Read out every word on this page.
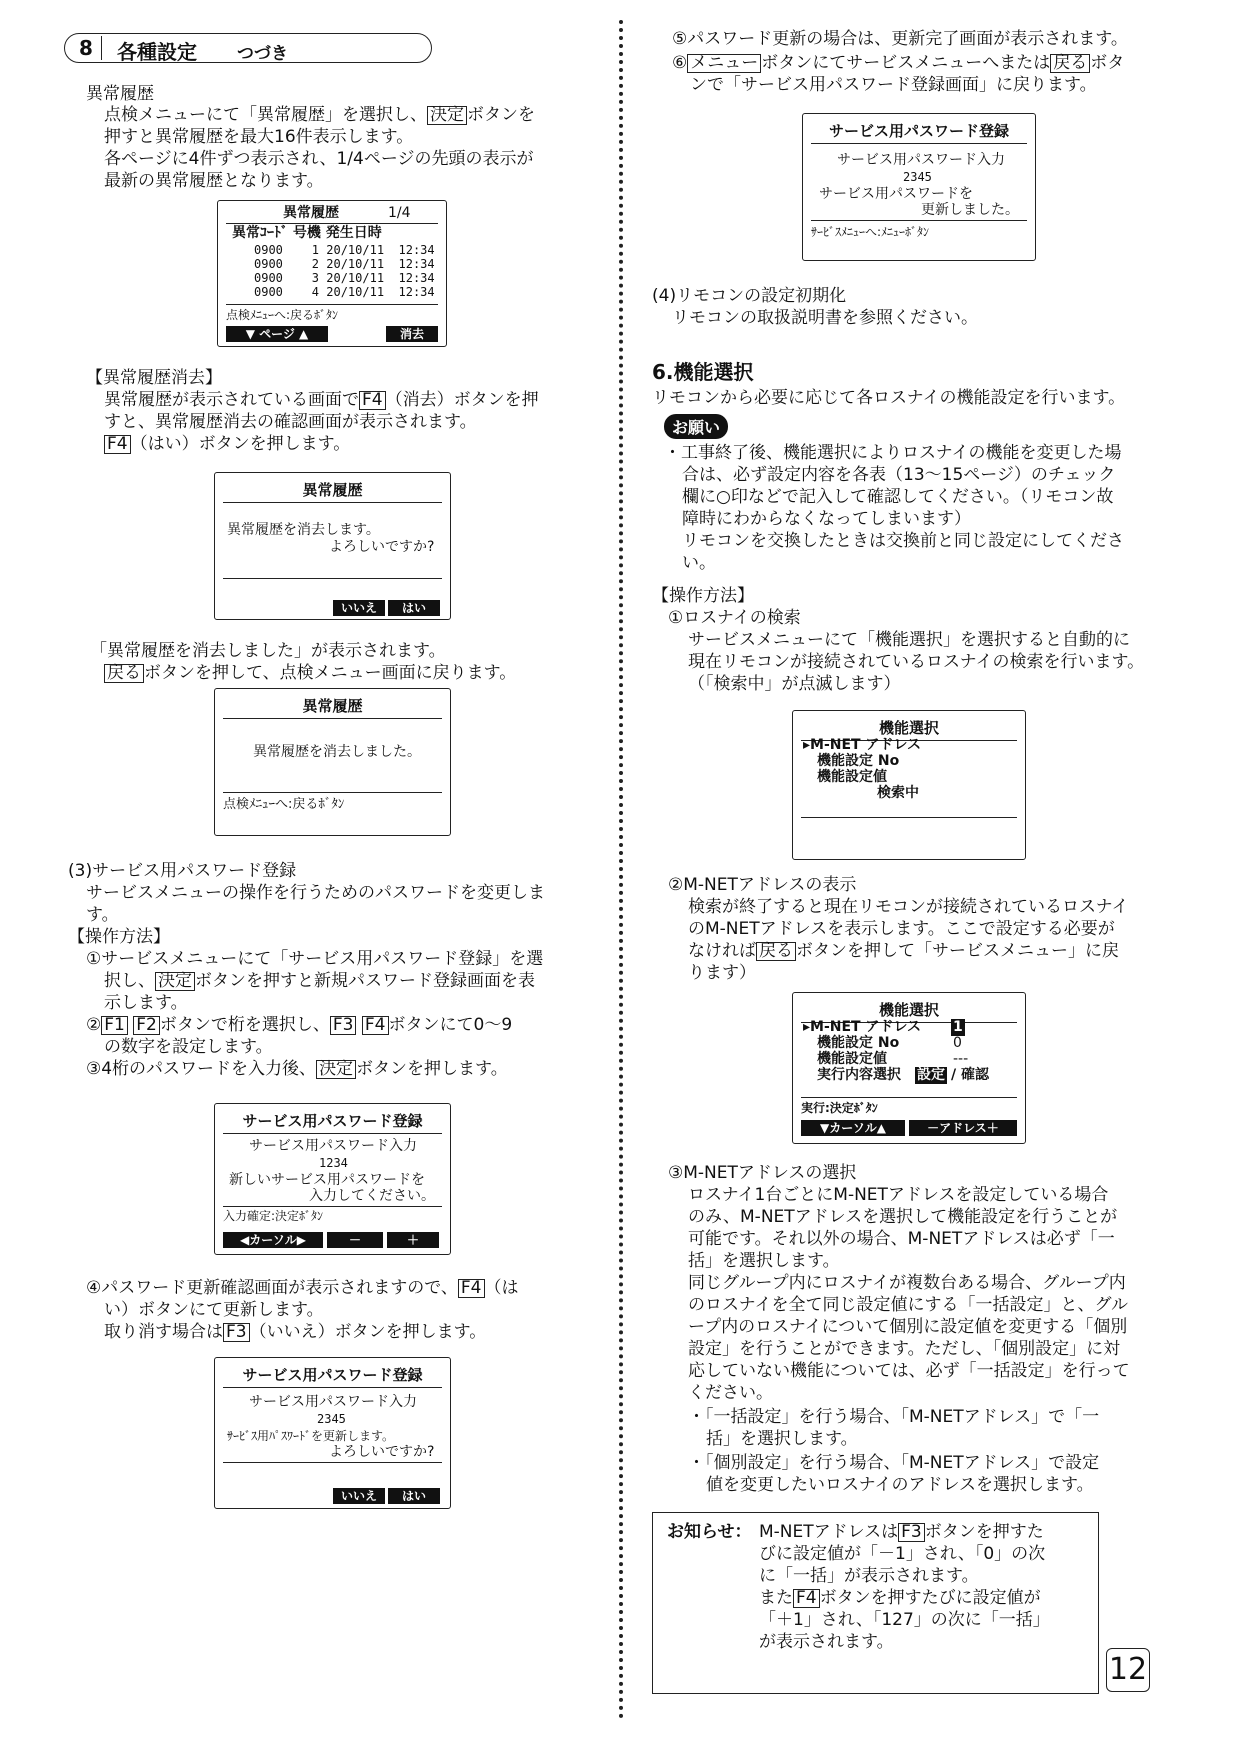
8	各種設定 つづき
異常履歴
点検メニューにて「異常履歴」を選択し、 決定 ボタンを
押すと異常履歴を最大16件表示します。
各ページに4件ずつ表示され、1/4ページの先頭の表示が
最新の異常履歴となります。
異常履歴	1/4
異常ｺｰﾄﾞ 号機 発生日時
0900    1 20/10/11  12:34
0900    2 20/10/11  12:34
0900    3 20/10/11  12:34
0900    4 20/10/11  12:34
点検ﾒﾆｭｰへ:戻るﾎﾞﾀﾝ
▼ ページ ▲	消去
【異常履歴消去】
異常履歴が表示されている画面で F4 （消去）ボタンを押
すと、異常履歴消去の確認画面が表示されます。
F4 （はい）ボタンを押します。
異常履歴
異常履歴を消去します。
よろしいですか?
いいえ	はい
「異常履歴を消去しました」が表示されます。
戻る ボタンを押して、点検メニュー画面に戻ります。
異常履歴
異常履歴を消去しました。
点検ﾒﾆｭｰへ:戻るﾎﾞﾀﾝ
(3)サービス用パスワード登録
サービスメニューの操作を行うためのパスワードを変更しま
す。
【操作方法】
①サービスメニューにて「サービス用パスワード登録」を選
択し、 決定 ボタンを押すと新規パスワード登録画面を表
示します。
② F1 F2 ボタンで桁を選択し、 F3 F4 ボタンにて0～9
の数字を設定します。
③4桁のパスワードを入力後、 決定 ボタンを押します。
サービス用パスワード登録
サービス用パスワード入力
1234
新しいサービス用パスワードを
入力してください。
入力確定:決定ﾎﾞﾀﾝ
◀カーソル▶	－	＋
④パスワード更新確認画面が表示されますので、 F4 （は
い）ボタンにて更新します。
取り消す場合は F3 （いいえ）ボタンを押します。
サービス用パスワード登録
サービス用パスワード入力
2345
ｻｰﾋﾞｽ用ﾊﾟｽﾜｰﾄﾞを更新します。
よろしいですか?
いいえ	はい
⑤パスワード更新の場合は、更新完了画面が表示されます。
⑥ メニュー ボタンにてサービスメニューへまたは 戻る ボタ
ンで「サービス用パスワード登録画面」に戻ります。
サービス用パスワード登録
サービス用パスワード入力
2345
サービス用パスワードを
更新しました。
ｻｰﾋﾞｽﾒﾆｭｰへ:ﾒﾆｭｰﾎﾞﾀﾝ
(4)リモコンの設定初期化
リモコンの取扱説明書を参照ください。
6.機能選択
リモコンから必要に応じて各ロスナイの機能設定を行います。
お願い
・工事終了後、機能選択によりロスナイの機能を変更した場
合は、必ず設定内容を各表（13～15ページ）のチェック
欄に○印などで記入して確認してください。（リモコン故
障時にわからなくなってしまいます）
リモコンを交換したときは交換前と同じ設定にしてくださ
い。
【操作方法】
①ロスナイの検索
サービスメニューにて「機能選択」を選択すると自動的に
現在リモコンが接続されているロスナイの検索を行います。
（「検索中」が点滅します）
機能選択
▸M-NET アドレス
機能設定 No
機能設定値
検索中
②M-NETアドレスの表示
検索が終了すると現在リモコンが接続されているロスナイ
のM-NETアドレスを表示します。ここで設定する必要が
なければ 戻る ボタンを押して「サービスメニュー」に戻
ります）
機能選択
▸M-NET アドレス 1
機能設定 No	0
機能設定値	---
実行内容選択 設定 / 確認
実行:決定ﾎﾞﾀﾝ
▼カーソル▲	－アドレス＋
③M-NETアドレスの選択
ロスナイ1台ごとにM-NETアドレスを設定している場合
のみ、M-NETアドレスを選択して機能設定を行うことが
可能です。それ以外の場合、M-NETアドレスは必ず「一
括」を選択します。
同じグループ内にロスナイが複数台ある場合、グループ内
のロスナイを全て同じ設定値にする「一括設定」と、グル
ープ内のロスナイについて個別に設定値を変更する「個別
設定」を行うことができます。ただし、「個別設定」に対
応していない機能については、必ず「一括設定」を行って
ください。
・「一括設定」を行う場合、「M-NETアドレス」で「一
括」を選択します。
・「個別設定」を行う場合、「M-NETアドレス」で設定
値を変更したいロスナイのアドレスを選択します。
お知らせ： M-NETアドレスは F3 ボタンを押すた
びに設定値が「－1」され、「0」の次
に「一括」が表示されます。
また F4 ボタンを押すたびに設定値が
「＋1」され、「127」の次に「一括」
が表示されます。
12
